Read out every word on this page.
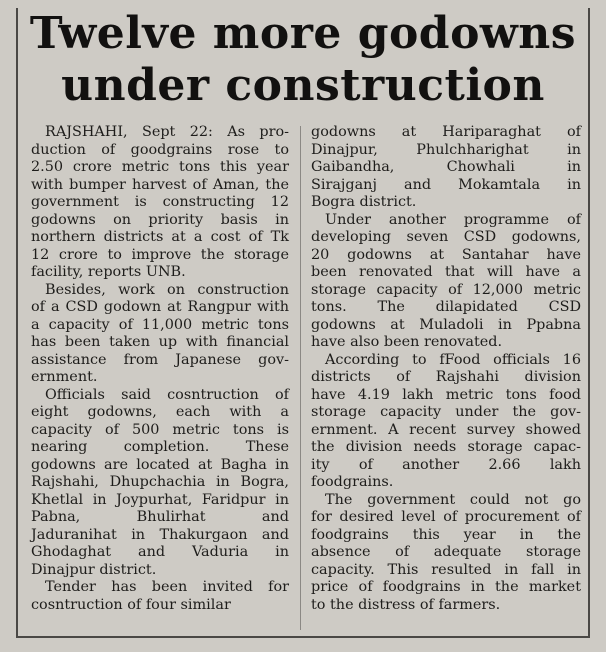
Twelve more godowns
under construction
RAJSHAHI, Sept 22: As pro-
duction of goodgrains rose to
2.50 crore metric tons this year
with bumper harvest of Aman, the
government is constructing 12
godowns on priority basis in
northern districts at a cost of Tk
12 crore to improve the storage
facility, reports UNB.
Besides, work on construction
of a CSD godown at Rangpur with
a capacity of 11,000 metric tons
has been taken up with financial
assistance from Japanese gov-
ernment.
Officials said cosntruction of
eight godowns, each with a
capacity of 500 metric tons is
nearing completion. These
godowns are located at Bagha in
Rajshahi, Dhupchachia in Bogra,
Khetlal in Joypurhat, Faridpur in
Pabna, Bhulirhat and
Jaduranihat in Thakurgaon and
Ghodaghat and Vaduria in
Dinajpur district.
Tender has been invited for
cosntruction of four similar
godowns at Hariparaghat of
Dinajpur, Phulchharighat in
Gaibandha, Chowhali in
Sirajganj and Mokamtala in
Bogra district.
Under another programme of
developing seven CSD godowns,
20 godowns at Santahar have
been renovated that will have a
storage capacity of 12,000 metric
tons. The dilapidated CSD
godowns at Muladoli in Ppabna
have also been renovated.
According to fFood officials 16
districts of Rajshahi division
have 4.19 lakh metric tons food
storage capacity under the gov-
ernment. A recent survey showed
the division needs storage capac-
ity of another 2.66 lakh
foodgrains.
The government could not go
for desired level of procurement of
foodgrains this year in the
absence of adequate storage
capacity. This resulted in fall in
price of foodgrains in the market
to the distress of farmers.
